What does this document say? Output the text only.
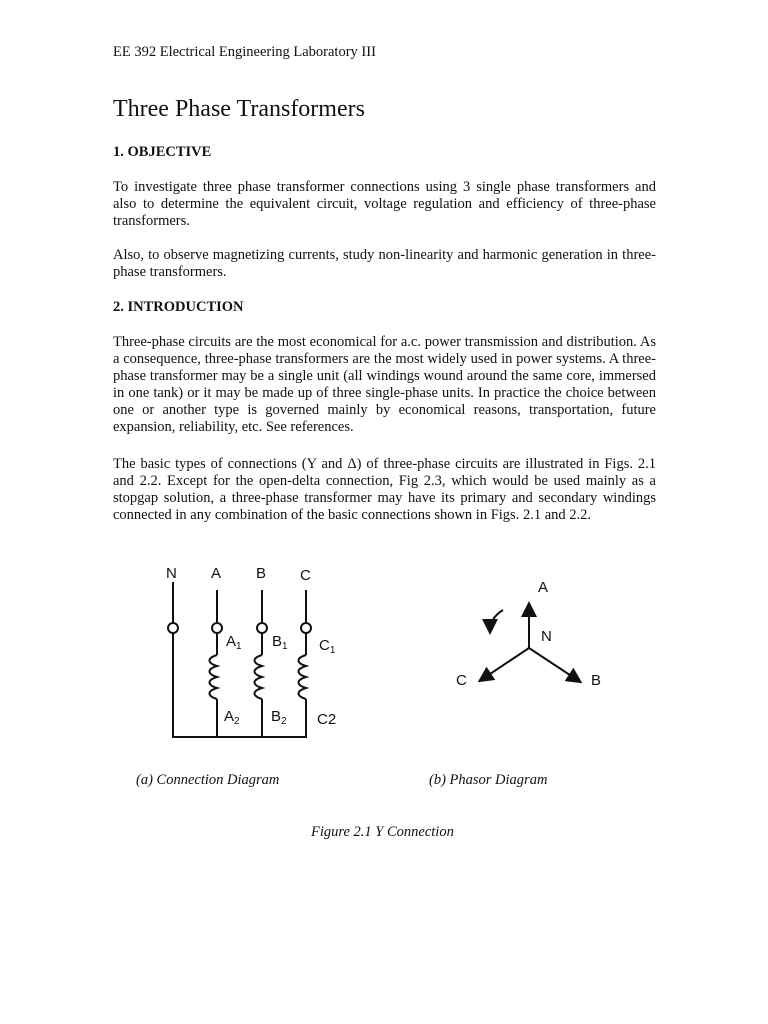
EE 392 Electrical Engineering Laboratory III
Three Phase Transformers
1. OBJECTIVE

To investigate three phase transformer connections using 3 single phase transformers and also to determine the equivalent circuit, voltage regulation and efficiency of three-phase transformers.

Also, to observe magnetizing currents, study non-linearity and harmonic generation in three-phase transformers.

2. INTRODUCTION

Three-phase circuits are the most economical for a.c. power transmission and distribution. As a consequence, three-phase transformers are the most widely used in power systems. A three-phase transformer may be a single unit (all windings wound around the same core, immersed in one tank) or it may be made up of three single-phase units. In practice the choice between one or another type is governed mainly by economical reasons, transportation, future expansion, reliability, etc. See references.

The basic types of connections (Y and Δ) of three-phase circuits are illustrated in Figs. 2.1 and 2.2. Except for the open-delta connection, Fig 2.3, which would be used mainly as a stopgap solution, a three-phase transformer may have its primary and secondary windings connected in any combination of the basic connections shown in Figs. 2.1 and 2.2.

N A B C
$A_1$ $B_1$ $C_1$
$A_2$ $B_2$ C2
A
N
B
C
(a) Connection Diagram	(b) Phasor Diagram
Figure 2.1 Y Connection
